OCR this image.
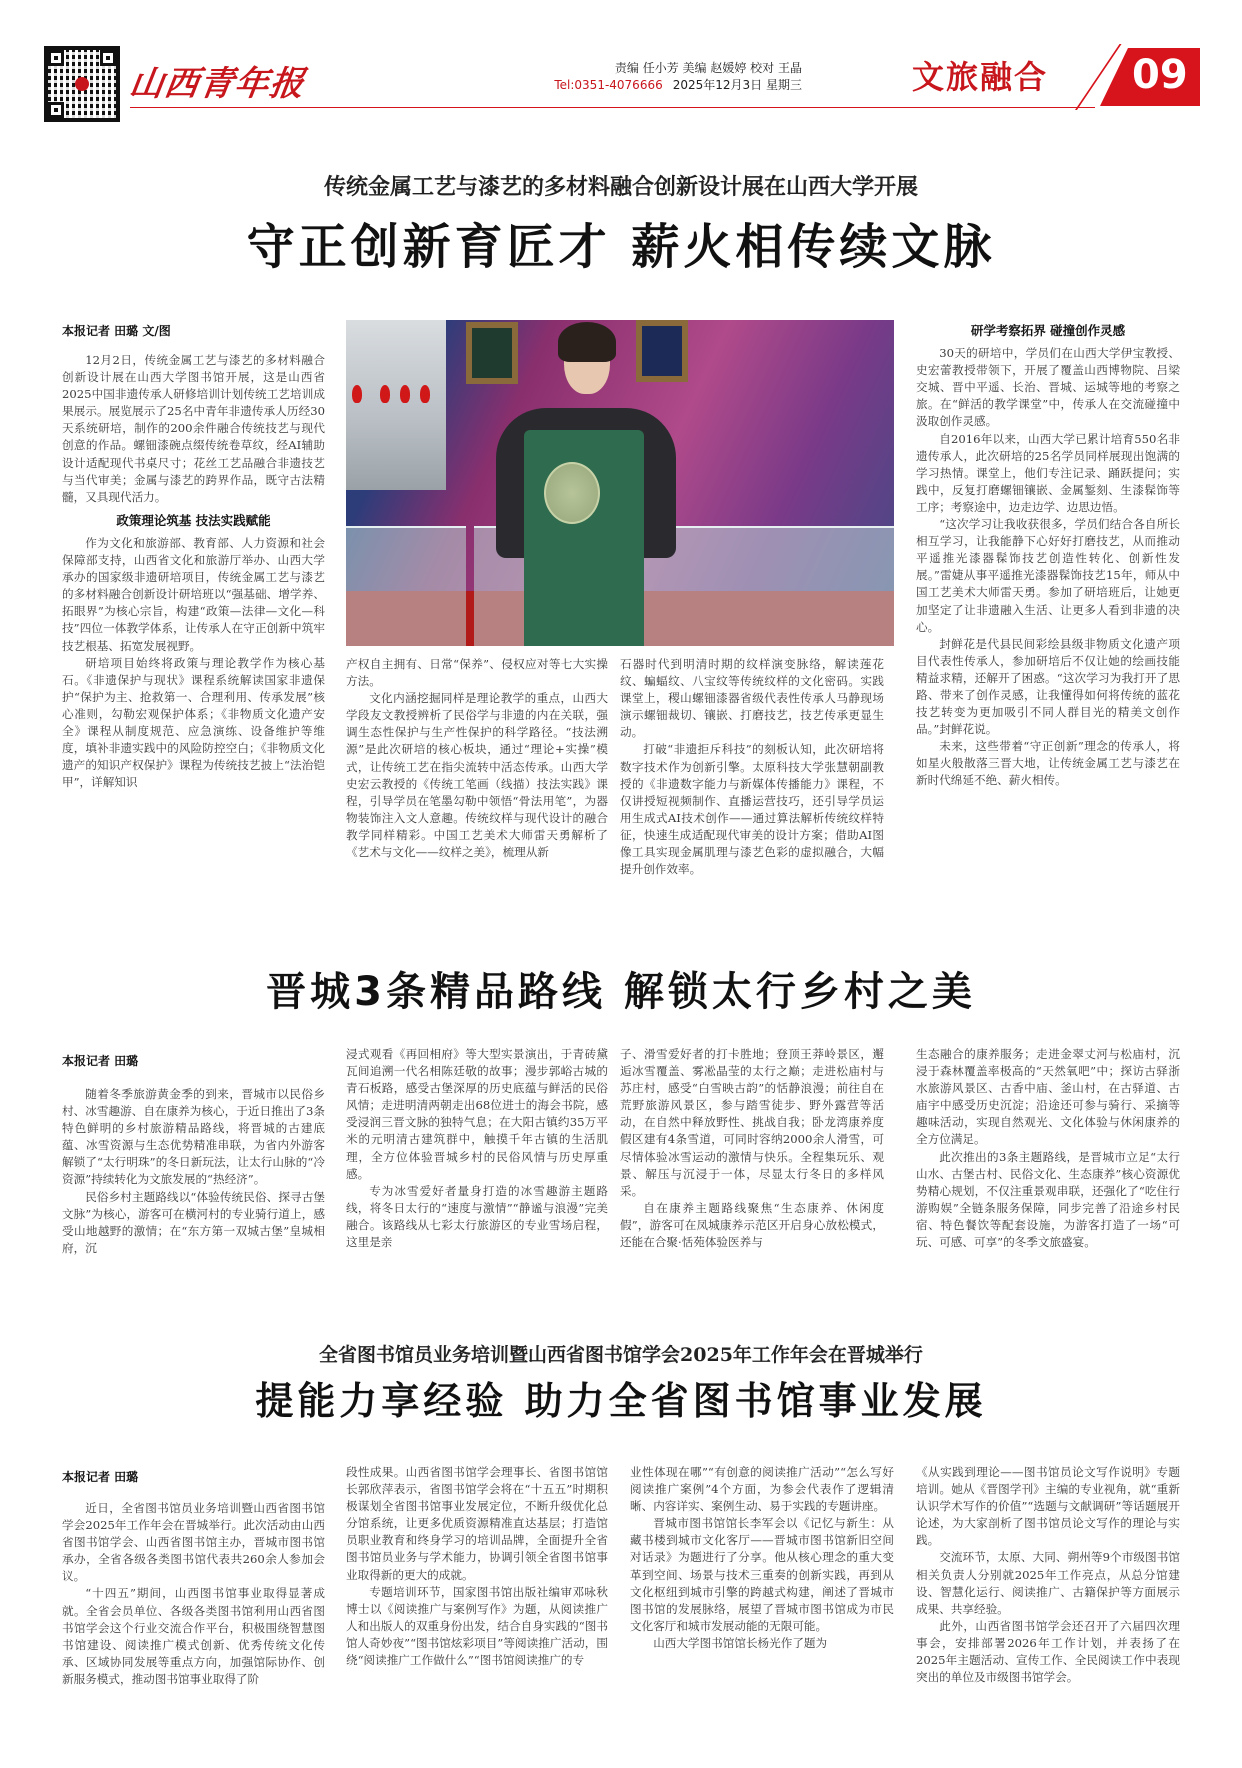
山西青年报	责编 任小芳 美编 赵媛婷 校对 王晶
Tel:0351-4076666 2025年12月3日 星期三	文旅融合 09
传统金属工艺与漆艺的多材料融合创新设计展在山西大学开展
守正创新育匠才 薪火相传续文脉
本报记者 田璐 文/图

12月2日，传统金属工艺与漆艺的多材料融合创新设计展在山西大学图书馆开展，这是山西省2025中国非遗传承人研修培训计划传统工艺培训成果展示。展览展示了25名中青年非遗传承人历经30天系统研培，制作的200余件融合传统技艺与现代创意的作品。螺钿漆碗点缀传统卷草纹，经AI辅助设计适配现代书桌尺寸；花丝工艺品融合非遗技艺与当代审美；金属与漆艺的跨界作品，既守古法精髓，又具现代活力。

政策理论筑基 技法实践赋能

作为文化和旅游部、教育部、人力资源和社会保障部支持，山西省文化和旅游厅举办、山西大学承办的国家级非遗研培项目，传统金属工艺与漆艺的多材料融合创新设计研培班以“强基础、增学养、拓眼界”为核心宗旨，构建“政策—法律—文化—科技”四位一体教学体系，让传承人在守正创新中筑牢技艺根基、拓宽发展视野。

研培项目始终将政策与理论教学作为核心基石。《非遗保护与现状》课程系统解读国家非遗保护“保护为主、抢救第一、合理利用、传承发展”核心准则，勾勒宏观保护体系；《非物质文化遗产安全》课程从制度规范、应急演练、设备维护等维度，填补非遗实践中的风险防控空白；《非物质文化遗产的知识产权保护》课程为传统技艺披上“法治铠甲”，详解知识

产权自主拥有、日常“保养”、侵权应对等七大实操方法。

文化内涵挖掘同样是理论教学的重点，山西大学段友文教授辨析了民俗学与非遗的内在关联，强调生态性保护与生产性保护的科学路径。“技法溯源”是此次研培的核心板块，通过“理论+实操”模式，让传统工艺在指尖流转中活态传承。山西大学史宏云教授的《传统工笔画（线描）技法实践》课程，引导学员在笔墨勾勒中领悟“骨法用笔”，为器物装饰注入文人意趣。传统纹样与现代设计的融合教学同样精彩。中国工艺美术大师雷天勇解析了《艺术与文化——纹样之美》，梳理从新

石器时代到明清时期的纹样演变脉络，解读莲花纹、蝙蝠纹、八宝纹等传统纹样的文化密码。实践课堂上，稷山螺钿漆器省级代表性传承人马静现场演示螺钿裁切、镶嵌、打磨技艺，技艺传承更显生动。

打破“非遗拒斥科技”的刻板认知，此次研培将数字技术作为创新引擎。太原科技大学张慧朝副教授的《非遗数字能力与新媒体传播能力》课程，不仅讲授短视频制作、直播运营技巧，还引导学员运用生成式AI技术创作——通过算法解析传统纹样特征，快速生成适配现代审美的设计方案；借助AI图像工具实现金属肌理与漆艺色彩的虚拟融合，大幅提升创作效率。

研学考察拓界 碰撞创作灵感

30天的研培中，学员们在山西大学伊宝教授、史宏蕾教授带领下，开展了覆盖山西博物院、吕梁交城、晋中平遥、长治、晋城、运城等地的考察之旅。在“鲜活的教学课堂”中，传承人在交流碰撞中汲取创作灵感。

自2016年以来，山西大学已累计培育550名非遗传承人，此次研培的25名学员同样展现出饱满的学习热情。课堂上，他们专注记录、踊跃提问；实践中，反复打磨螺钿镶嵌、金属錾刻、生漆髹饰等工序；考察途中，边走边学、边思边悟。

“这次学习让我收获很多，学员们结合各自所长相互学习，让我能静下心好好打磨技艺，从而推动平遥推光漆器髹饰技艺创造性转化、创新性发展。”雷婕从事平遥推光漆器髹饰技艺15年，师从中国工艺美术大师雷天勇。参加了研培班后，让她更加坚定了让非遗融入生活、让更多人看到非遗的决心。

封鲜花是代县民间彩绘县级非物质文化遗产项目代表性传承人，参加研培后不仅让她的绘画技能精益求精，还解开了困惑。“这次学习为我打开了思路、带来了创作灵感，让我懂得如何将传统的蓝花技艺转变为更加吸引不同人群目光的精美文创作品。”封鲜花说。

未来，这些带着“守正创新”理念的传承人，将如星火般散落三晋大地，让传统金属工艺与漆艺在新时代绵延不绝、薪火相传。

晋城3条精品路线 解锁太行乡村之美
本报记者 田璐

随着冬季旅游黄金季的到来，晋城市以民俗乡村、冰雪趣游、自在康养为核心，于近日推出了3条特色鲜明的乡村旅游精品路线，将晋城的古建底蕴、冰雪资源与生态优势精准串联，为省内外游客解锁了“太行明珠”的冬日新玩法，让太行山脉的“冷资源”持续转化为文旅发展的“热经济”。

民俗乡村主题路线以“体验传统民俗、探寻古堡文脉”为核心，游客可在横河村的专业骑行道上，感受山地越野的激情；在“东方第一双城古堡”皇城相府，沉

浸式观看《再回相府》等大型实景演出，于青砖黛瓦间追溯一代名相陈廷敬的故事；漫步郭峪古城的青石板路，感受古堡深厚的历史底蕴与鲜活的民俗风情；走进明清两朝走出68位进士的海会书院，感受浸润三晋文脉的独特气息；在大阳古镇约35万平米的元明清古建筑群中，触摸千年古镇的生活肌理，全方位体验晋城乡村的民俗风情与历史厚重感。

专为冰雪爱好者量身打造的冰雪趣游主题路线，将冬日太行的“速度与激情”“静谧与浪漫”完美融合。该路线从七彩太行旅游区的专业雪场启程，这里是亲

子、滑雪爱好者的打卡胜地；登顶王莽岭景区，邂逅冰雪覆盖、雾凇晶莹的太行之巅；走进松庙村与苏庄村，感受“白雪映古韵”的恬静浪漫；前往自在荒野旅游风景区，参与踏雪徒步、野外露营等活动，在自然中释放野性、挑战自我；卧龙湾康养度假区建有4条雪道，可同时容纳2000余人滑雪，可尽情体验冰雪运动的激情与快乐。全程集玩乐、观景、解压与沉浸于一体，尽显太行冬日的多样风采。

自在康养主题路线聚焦“生态康养、休闲度假”，游客可在凤城康养示范区开启身心放松模式，还能在合聚·恬苑体验医养与

生态融合的康养服务；走进金翠丈河与松庙村，沉浸于森林覆盖率极高的“天然氧吧”中；探访古驿浙水旅游风景区、古香中庙、釜山村，在古驿道、古庙宇中感受历史沉淀；沿途还可参与骑行、采摘等趣味活动，实现自然观光、文化体验与休闲康养的全方位满足。

此次推出的3条主题路线，是晋城市立足“太行山水、古堡古村、民俗文化、生态康养”核心资源优势精心规划，不仅注重景观串联，还强化了“吃住行游购娱”全链条服务保障，同步完善了沿途乡村民宿、特色餐饮等配套设施，为游客打造了一场“可玩、可感、可享”的冬季文旅盛宴。

全省图书馆员业务培训暨山西省图书馆学会2025年工作年会在晋城举行
提能力享经验 助力全省图书馆事业发展
本报记者 田璐

近日，全省图书馆员业务培训暨山西省图书馆学会2025年工作年会在晋城举行。此次活动由山西省图书馆学会、山西省图书馆主办，晋城市图书馆承办，全省各级各类图书馆代表共260余人参加会议。

“十四五”期间，山西图书馆事业取得显著成就。全省会员单位、各级各类图书馆利用山西省图书馆学会这个行业交流合作平台，积极围绕智慧图书馆建设、阅读推广模式创新、优秀传统文化传承、区域协同发展等重点方向，加强馆际协作、创新服务模式，推动图书馆事业取得了阶

段性成果。山西省图书馆学会理事长、省图书馆馆长郭欣萍表示，省图书馆学会将在“十五五”时期积极谋划全省图书馆事业发展定位，不断升级优化总分馆系统，让更多优质资源精准直达基层；打造馆员职业教育和终身学习的培训品牌，全面提升全省图书馆员业务与学术能力，协调引领全省图书馆事业取得新的更大的成就。

专题培训环节，国家图书馆出版社编审邓咏秋博士以《阅读推广与案例写作》为题，从阅读推广人和出版人的双重身份出发，结合自身实践的“图书馆人奇妙夜”“图书馆炫彩项目”等阅读推广活动，围绕“阅读推广工作做什么”“图书馆阅读推广的专

业性体现在哪”“有创意的阅读推广活动”“怎么写好阅读推广案例”4个方面，为参会代表作了逻辑清晰、内容详实、案例生动、易于实践的专题讲座。

晋城市图书馆馆长李军会以《记忆与新生：从藏书楼到城市文化客厅——晋城市图书馆新旧空间对话录》为题进行了分享。他从核心理念的重大变革到空间、场景与技术三重奏的创新实践，再到从文化枢纽到城市引擎的跨越式构建，阐述了晋城市图书馆的发展脉络，展望了晋城市图书馆成为市民文化客厅和城市发展动能的无限可能。

山西大学图书馆馆长杨光作了题为

《从实践到理论——图书馆员论文写作说明》专题培训。她从《晋图学刊》主编的专业视角，就“重新认识学术写作的价值”“选题与文献调研”等话题展开论述，为大家剖析了图书馆员论文写作的理论与实践。

交流环节，太原、大同、朔州等9个市级图书馆相关负责人分别就2025年工作亮点，从总分馆建设、智慧化运行、阅读推广、古籍保护等方面展示成果、共享经验。

此外，山西省图书馆学会还召开了六届四次理事会，安排部署2026年工作计划，并表扬了在2025年主题活动、宣传工作、全民阅读工作中表现突出的单位及市级图书馆学会。
